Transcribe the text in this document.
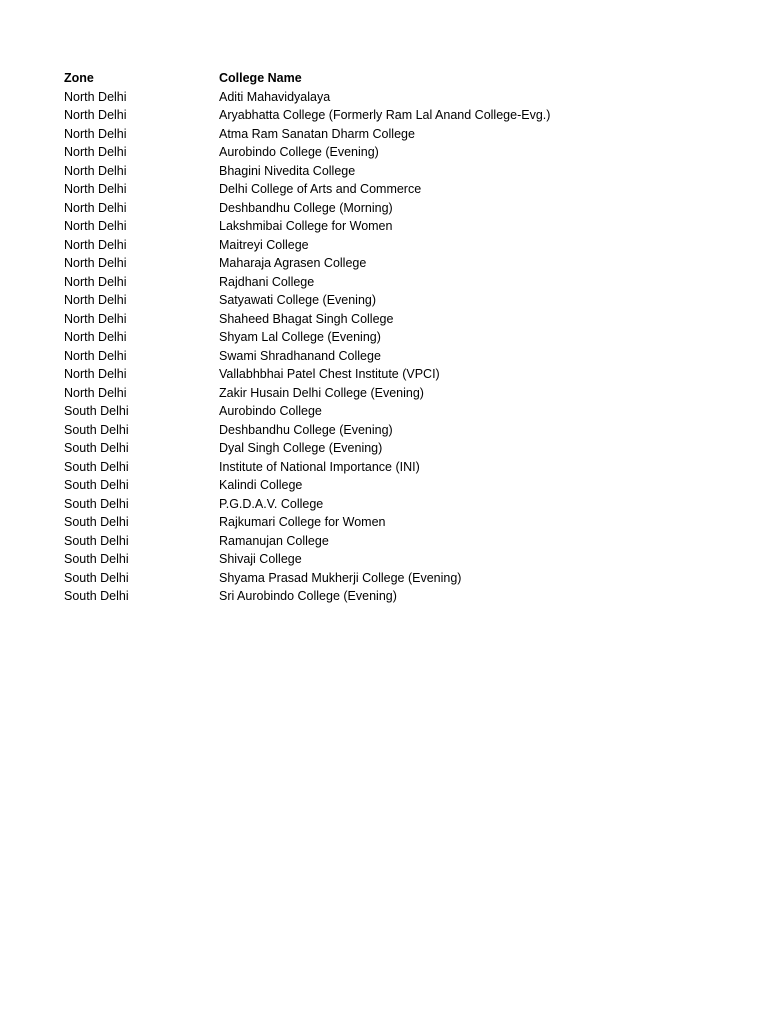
Zone	College Name
North Delhi	Aditi Mahavidyalaya
North Delhi	Aryabhatta College (Formerly Ram Lal Anand College-Evg.)
North Delhi	Atma Ram Sanatan Dharm College
North Delhi	Aurobindo College (Evening)
North Delhi	Bhagini Nivedita College
North Delhi	Delhi College of Arts and Commerce
North Delhi	Deshbandhu College (Morning)
North Delhi	Lakshmibai College for Women
North Delhi	Maitreyi College
North Delhi	Maharaja Agrasen College
North Delhi	Rajdhani College
North Delhi	Satyawati College (Evening)
North Delhi	Shaheed Bhagat Singh College
North Delhi	Shyam Lal College (Evening)
North Delhi	Swami Shradhanand College
North Delhi	Vallabhbhai Patel Chest Institute (VPCI)
North Delhi	Zakir Husain Delhi College (Evening)
South Delhi	Aurobindo College
South Delhi	Deshbandhu College (Evening)
South Delhi	Dyal Singh College (Evening)
South Delhi	Institute of National Importance (INI)
South Delhi	Kalindi College
South Delhi	P.G.D.A.V. College
South Delhi	Rajkumari College for Women
South Delhi	Ramanujan College
South Delhi	Shivaji College
South Delhi	Shyama Prasad Mukherji College (Evening)
South Delhi	Sri Aurobindo College (Evening)
